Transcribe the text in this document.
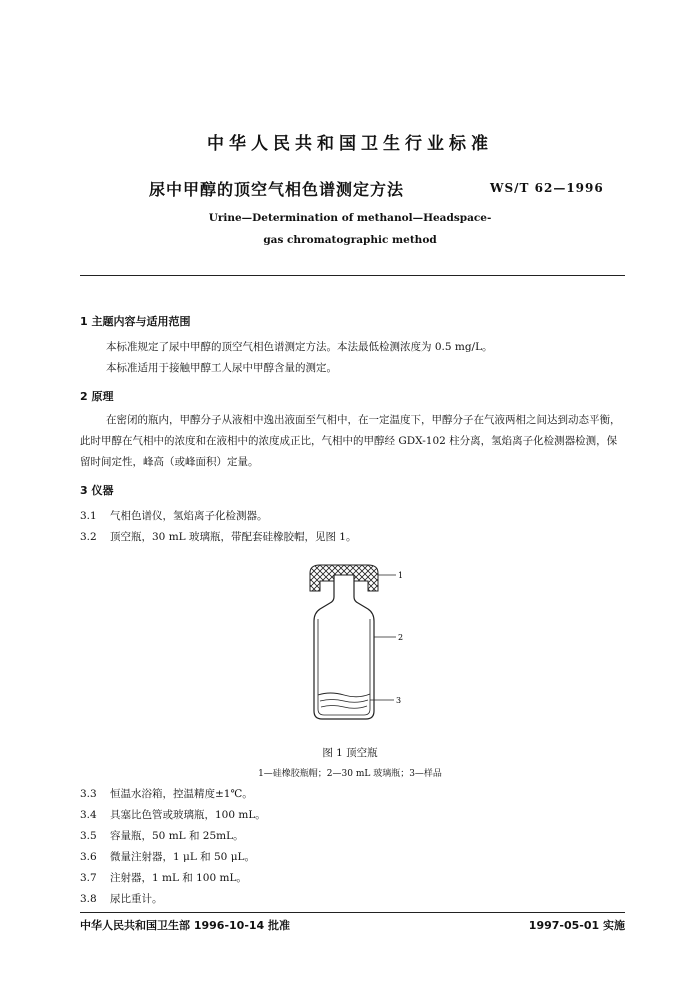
中华人民共和国卫生行业标准
尿中甲醇的顶空气相色谱测定方法	WS/T 62—1996
Urine—Determination of methanol—Headspace-
gas chromatographic method
1 主题内容与适用范围
本标准规定了尿中甲醇的顶空气相色谱测定方法。本法最低检测浓度为 0.5 mg/L。
本标准适用于接触甲醇工人尿中甲醇含量的测定。
2 原理
在密闭的瓶内，甲醇分子从液相中逸出液面至气相中，在一定温度下，甲醇分子在气液两相之间达到动态平衡，此时甲醇在气相中的浓度和在液相中的浓度成正比，气相中的甲醇经 GDX-102 柱分离，氢焰离子化检测器检测，保留时间定性，峰高（或峰面积）定量。
3 仪器
3.1 气相色谱仪，氢焰离子化检测器。
3.2 顶空瓶，30 mL 玻璃瓶，带配套硅橡胶帽，见图 1。
1
2
3
图 1 顶空瓶
1—硅橡胶瓶帽；2—30 mL 玻璃瓶；3—样品
3.3 恒温水浴箱，控温精度±1℃。
3.4 具塞比色管或玻璃瓶，100 mL。
3.5 容量瓶，50 mL 和 25mL。
3.6 微量注射器，1 μL 和 50 μL。
3.7 注射器，1 mL 和 100 mL。
3.8 尿比重计。
中华人民共和国卫生部 1996-10-14 批准	1997-05-01 实施
